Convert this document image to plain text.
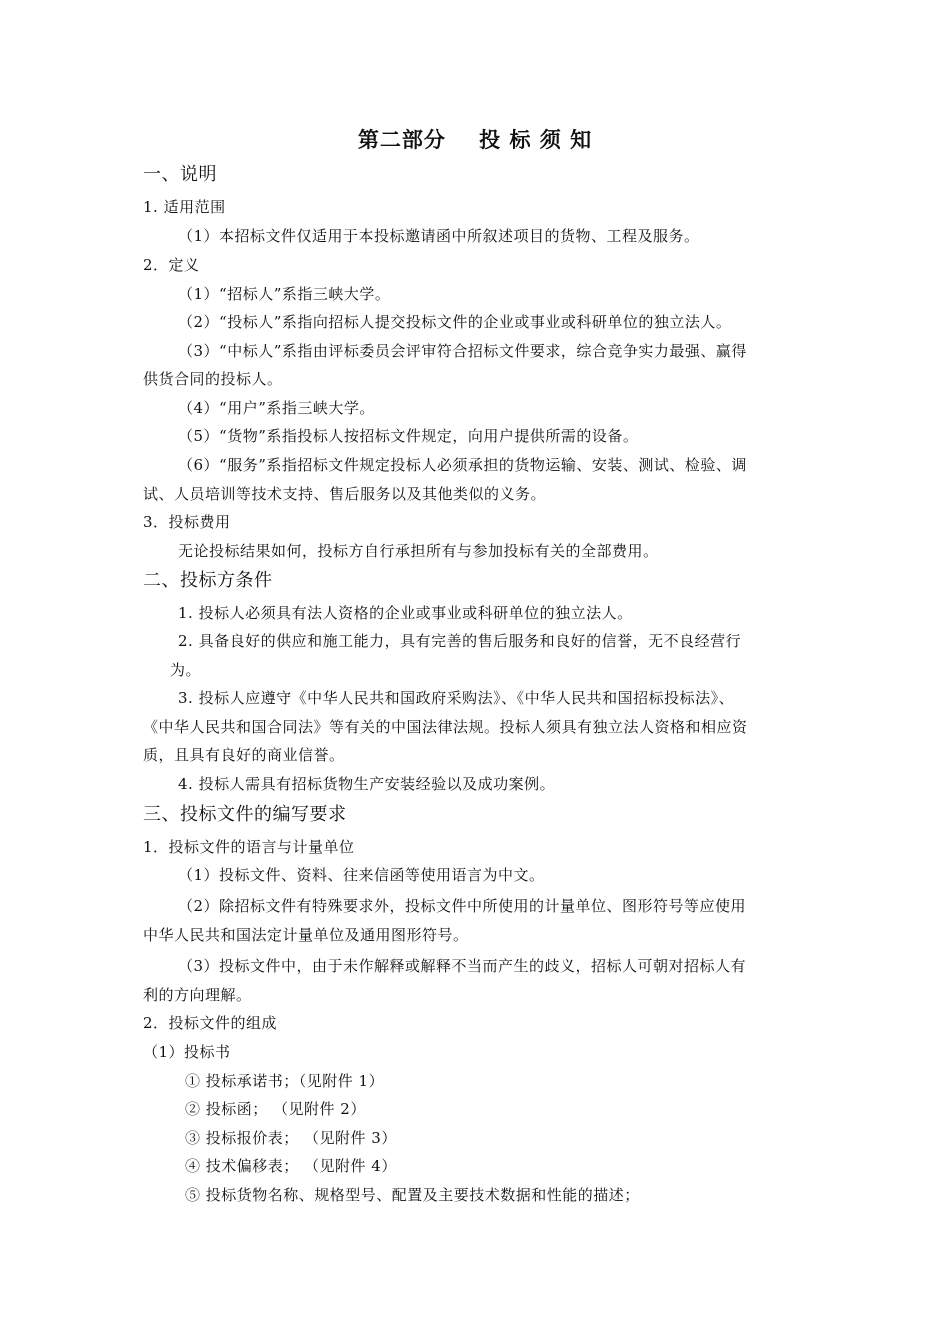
第二部分    投 标 须 知
一、说明
1. 适用范围
（1）本招标文件仅适用于本投标邀请函中所叙述项目的货物、工程及服务。
2．定义
（1）“招标人”系指三峡大学。
（2）“投标人”系指向招标人提交投标文件的企业或事业或科研单位的独立法人。
（3）“中标人”系指由评标委员会评审符合招标文件要求，综合竞争实力最强、赢得
供货合同的投标人。
（4）“用户”系指三峡大学。
（5）“货物”系指投标人按招标文件规定，向用户提供所需的设备。
（6）“服务”系指招标文件规定投标人必须承担的货物运输、安装、测试、检验、调
试、人员培训等技术支持、售后服务以及其他类似的义务。
3．投标费用
无论投标结果如何，投标方自行承担所有与参加投标有关的全部费用。
二、投标方条件
1. 投标人必须具有法人资格的企业或事业或科研单位的独立法人。
2. 具备良好的供应和施工能力，具有完善的售后服务和良好的信誉，无不良经营行
为。
3. 投标人应遵守《中华人民共和国政府采购法》、《中华人民共和国招标投标法》、
《中华人民共和国合同法》等有关的中国法律法规。投标人须具有独立法人资格和相应资
质，且具有良好的商业信誉。
4. 投标人需具有招标货物生产安装经验以及成功案例。
三、投标文件的编写要求
1．投标文件的语言与计量单位
（1）投标文件、资料、往来信函等使用语言为中文。
（2）除招标文件有特殊要求外，投标文件中所使用的计量单位、图形符号等应使用
中华人民共和国法定计量单位及通用图形符号。
（3）投标文件中，由于未作解释或解释不当而产生的歧义，招标人可朝对招标人有
利的方向理解。
2．投标文件的组成
（1）投标书
① 投标承诺书；（见附件 1）
② 投标函； （见附件 2）
③ 投标报价表； （见附件 3）
④ 技术偏移表； （见附件 4）
⑤ 投标货物名称、规格型号、配置及主要技术数据和性能的描述；
